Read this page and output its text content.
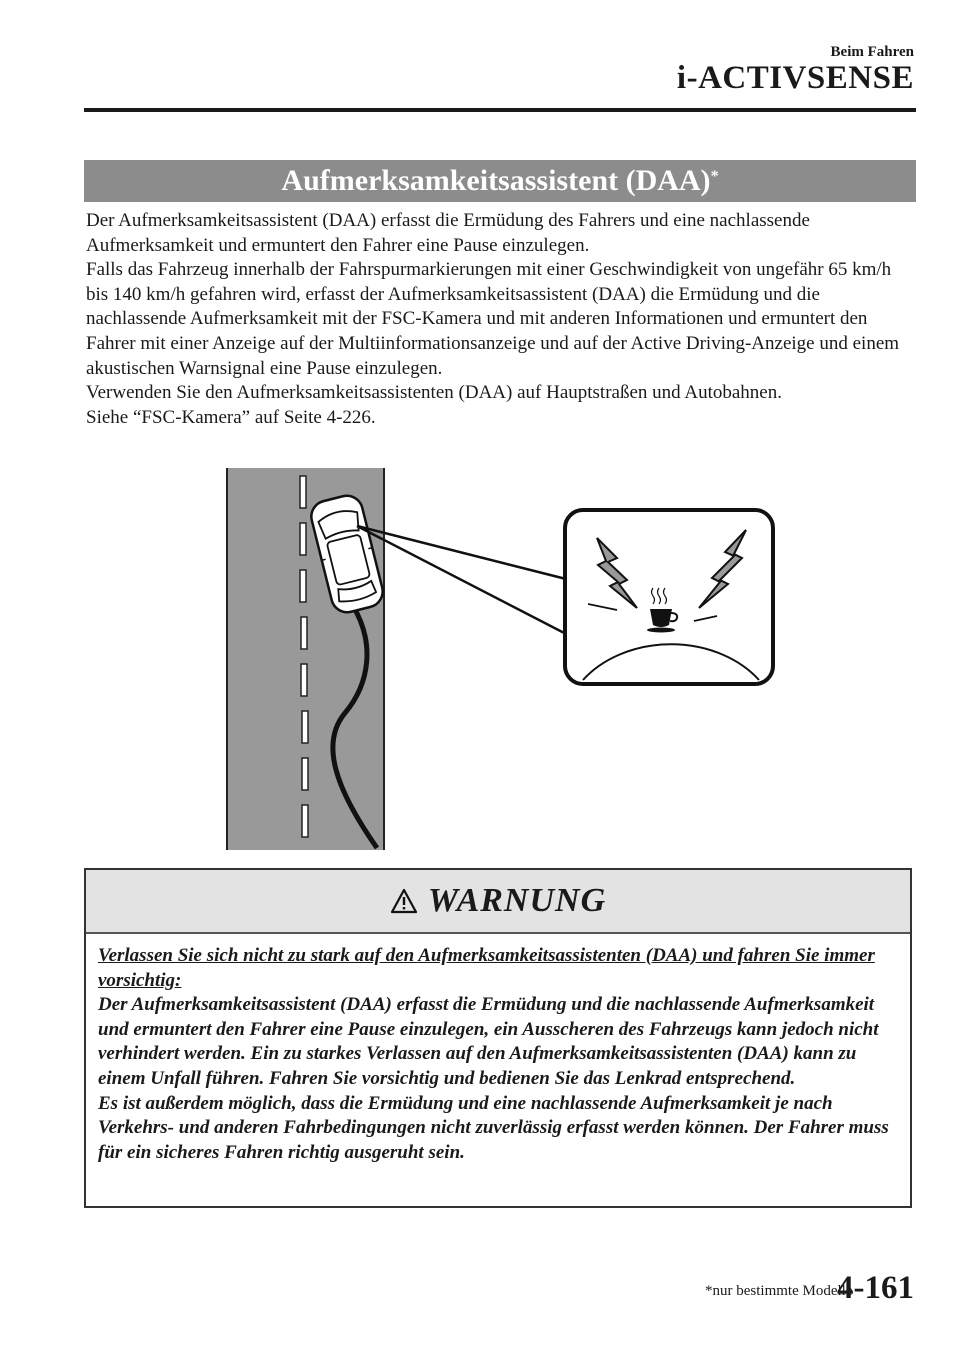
Beim Fahren
i-ACTIVSENSE
Aufmerksamkeitsassistent (DAA)*

Der Aufmerksamkeitsassistent (DAA) erfasst die Ermüdung des Fahrers und eine nachlassende Aufmerksamkeit und ermuntert den Fahrer eine Pause einzulegen.

Falls das Fahrzeug innerhalb der Fahrspurmarkierungen mit einer Geschwindigkeit von ungefähr 65 km/h bis 140 km/h gefahren wird, erfasst der Aufmerksamkeitsassistent (DAA) die Ermüdung und die nachlassende Aufmerksamkeit mit der FSC-Kamera und mit anderen Informationen und ermuntert den Fahrer mit einer Anzeige auf der Multiinformationsanzeige und auf der Active Driving-Anzeige und einem akustischen Warnsignal eine Pause einzulegen.

Verwenden Sie den Aufmerksamkeitsassistenten (DAA) auf Hauptstraßen und Autobahnen.

Siehe “FSC-Kamera” auf Seite 4-226.

WARNUNG

Verlassen Sie sich nicht zu stark auf den Aufmerksamkeitsassistenten (DAA) und fahren Sie immer vorsichtig:

Der Aufmerksamkeitsassistent (DAA) erfasst die Ermüdung und die nachlassende Aufmerksamkeit und ermuntert den Fahrer eine Pause einzulegen, ein Ausscheren des Fahrzeugs kann jedoch nicht verhindert werden. Ein zu starkes Verlassen auf den Aufmerksamkeitsassistenten (DAA) kann zu einem Unfall führen. Fahren Sie vorsichtig und bedienen Sie das Lenkrad entsprechend.

Es ist außerdem möglich, dass die Ermüdung und eine nachlassende Aufmerksamkeit je nach Verkehrs- und anderen Fahrbedingungen nicht zuverlässig erfasst werden können. Der Fahrer muss für ein sicheres Fahren richtig ausgeruht sein.

*nur bestimmte Modelle
4-161
